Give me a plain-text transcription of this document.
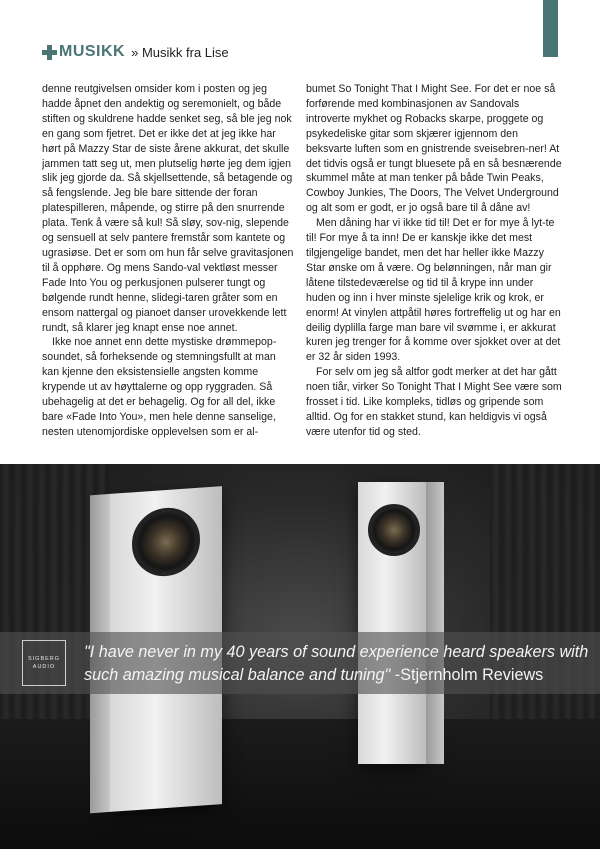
MUSIKK » Musikk fra Lise

denne reutgivelsen omsider kom i posten og jeg hadde åpnet den andektig og seremonielt, og både stiften og skuldrene hadde senket seg, så ble jeg nok en gang som fjetret. Det er ikke det at jeg ikke har hørt på Mazzy Star de siste årene akkurat, det skulle jammen tatt seg ut, men plutselig hørte jeg dem igjen slik jeg gjorde da. Så skjellsettende, så betagende og så fengslende. Jeg ble bare sittende der foran platespilleren, måpende, og stirre på den snurrende plata. Tenk å være så kul! Så sløy, sov-nig, slepende og sensuell at selv pantere fremstår som kantete og ugrasiøse. Det er som om hun får selve gravitasjonen til å opphøre. Og mens Sando-val vektløst messer Fade Into You og perkusjonen pulserer tungt og bølgende rundt henne, slidegi-taren gråter som en ensom nattergal og pianoet danser urovekkende lett rundt, så klarer jeg knapt ense noe annet.

Ikke noe annet enn dette mystiske drømmepop-soundet, så forheksende og stemningsfullt at man kan kjenne den eksistensielle angsten komme krypende ut av høyttalerne og opp ryggraden. Så ubehagelig at det er behagelig. Og for all del, ikke bare «Fade Into You», men hele denne sanselige, nesten utenomjordiske opplevelsen som er al-

bumet So Tonight That I Might See. For det er noe så forførende med kombinasjonen av Sandovals introverte mykhet og Robacks skarpe, proggete og psykedeliske gitar som skjærer igjennom den beksvarte luften som en gnistrende sveisebren-ner! At det tidvis også er tungt bluesete på en så besnærende skummel måte at man tenker på både Twin Peaks, Cowboy Junkies, The Doors, The Velvet Underground og alt som er godt, er jo også bare til å dåne av!

Men dåning har vi ikke tid til! Det er for mye å lyt-te til! For mye å ta inn! De er kanskje ikke det mest tilgjengelige bandet, men det har heller ikke Mazzy Star ønske om å være. Og belønningen, når man gir låtene tilstedeværelse og tid til å krype inn under huden og inn i hver minste sjelelige krik og krok, er enorm! At vinylen attpåtil høres fortreffelig ut og har en deilig dyplilla farge man bare vil svømme i, er akkurat kuren jeg trenger for å komme over sjokket over at det er 32 år siden 1993.

For selv om jeg så altfor godt merker at det har gått noen tiår, virker So Tonight That I Might See være som frosset i tid. Like kompleks, tidløs og gripende som alltid. Og for en stakket stund, kan heldigvis vi også være utenfor tid og sted.

SIGBERG
AUDIO
"I have never in my 40 years of sound experience heard speakers with such amazing musical balance and tuning" -Stjernholm Reviews
